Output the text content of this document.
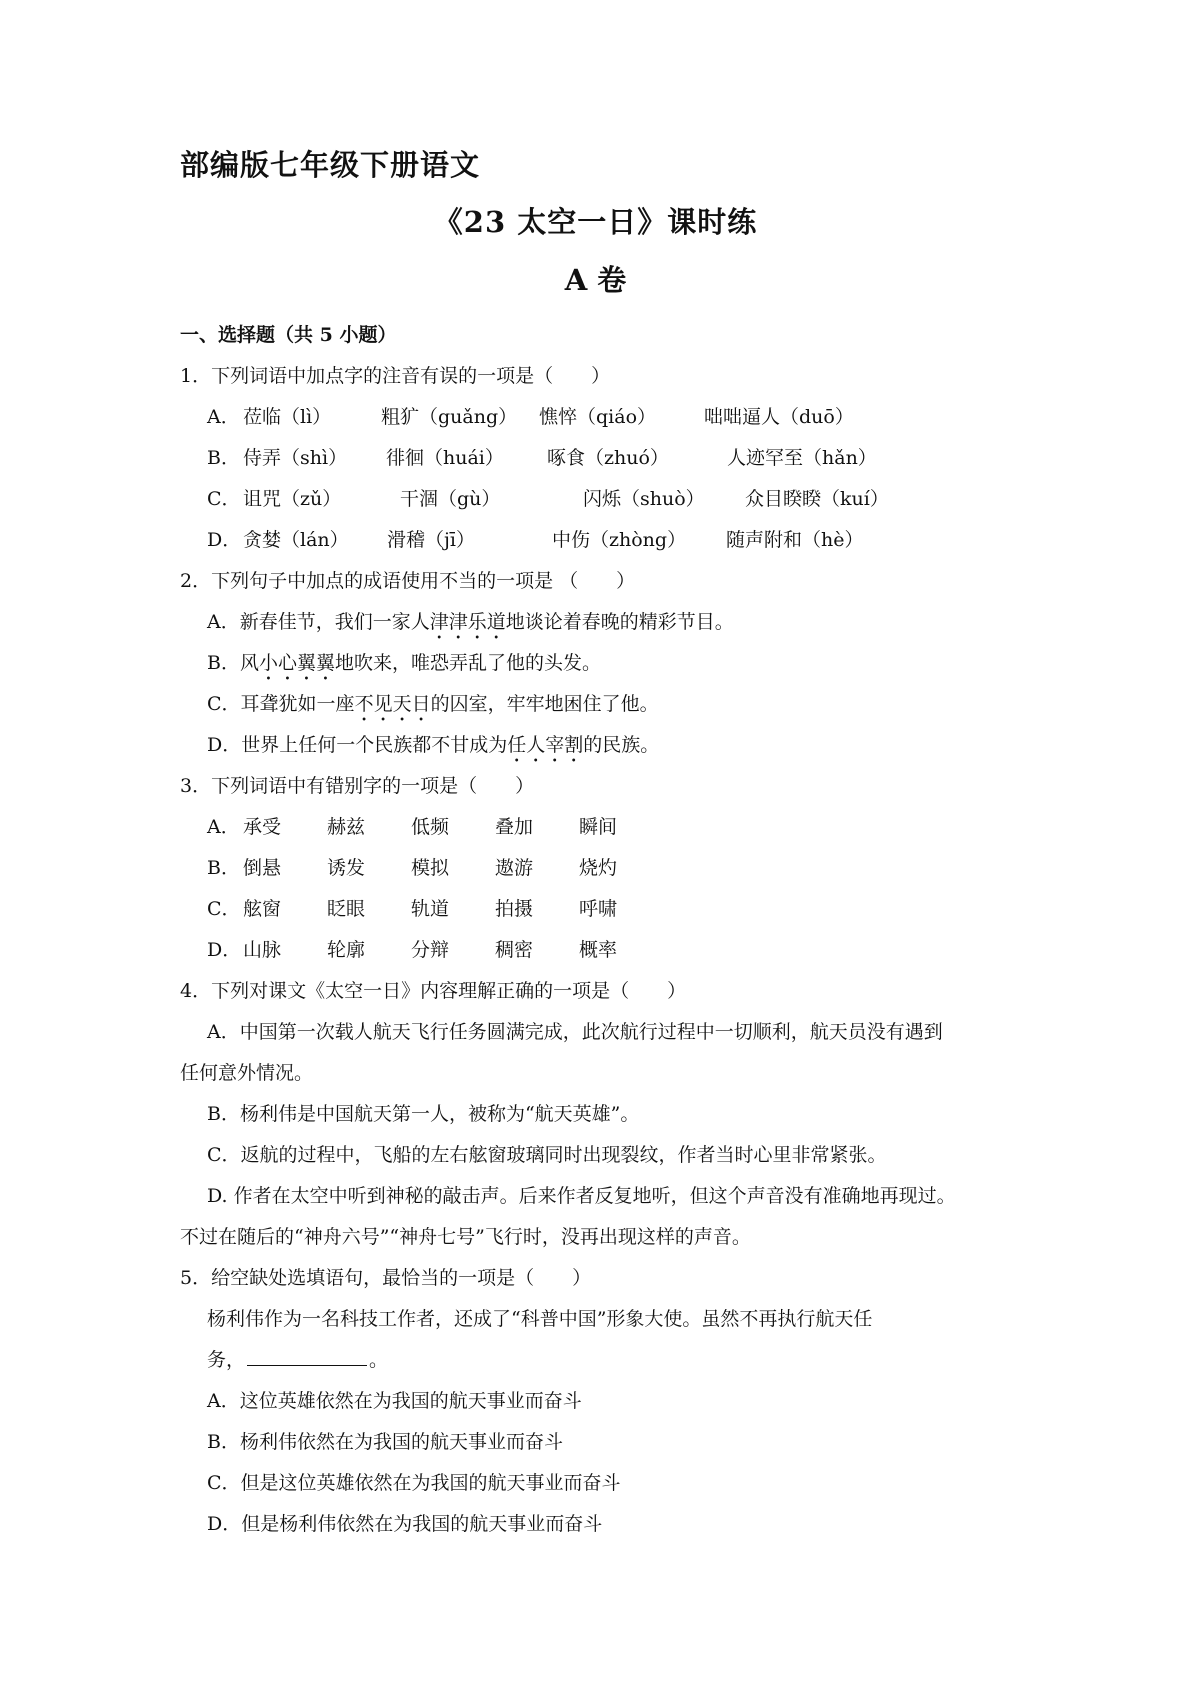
部编版七年级下册语文
《23 太空一日》课时练
A 卷
一、选择题（共 5 小题）
1．下列词语中加点字的注音有误的一项是（　　）
A． 莅临（lì）	粗犷（guǎng） 憔悴（qiáo）	咄咄逼人（duō）
B． 侍弄（shì） 徘徊（huái） 啄食（zhuó）	人迹罕至（hǎn）
C． 诅咒（zǔ）	干涸（gù）	闪烁（shuò） 众目睽睽（kuí）
D． 贪婪（lán） 滑稽（jī）	中伤（zhòng） 随声附和（hè）
2．下列句子中加点的成语使用不当的一项是 （　　）
A．新春佳节，我们一家人津津乐道地谈论着春晚的精彩节目。
B．风小心翼翼地吹来，唯恐弄乱了他的头发。
C．耳聋犹如一座不见天日的囚室，牢牢地困住了他。
D．世界上任何一个民族都不甘成为任人宰割的民族。
3．下列词语中有错别字的一项是（　　）
A． 承受 赫兹 低频 叠加 瞬间
B． 倒悬 诱发 模拟 遨游 烧灼
C． 舷窗 眨眼 轨道 拍摄 呼啸
D． 山脉 轮廓 分辩 稠密 概率
4．下列对课文《太空一日》内容理解正确的一项是（　　）
A．中国第一次载人航天飞行任务圆满完成，此次航行过程中一切顺利，航天员没有遇到
任何意外情况。
B．杨利伟是中国航天第一人，被称为“航天英雄”。
C．返航的过程中，飞船的左右舷窗玻璃同时出现裂纹，作者当时心里非常紧张。
D. 作者在太空中听到神秘的敲击声。后来作者反复地听，但这个声音没有准确地再现过。
不过在随后的“神舟六号”“神舟七号”飞行时，没再出现这样的声音。
5．给空缺处选填语句，最恰当的一项是（　　）
杨利伟作为一名科技工作者，还成了“科普中国”形象大使。虽然不再执行航天任
务，	。
A．这位英雄依然在为我国的航天事业而奋斗
B．杨利伟依然在为我国的航天事业而奋斗
C．但是这位英雄依然在为我国的航天事业而奋斗
D．但是杨利伟依然在为我国的航天事业而奋斗
